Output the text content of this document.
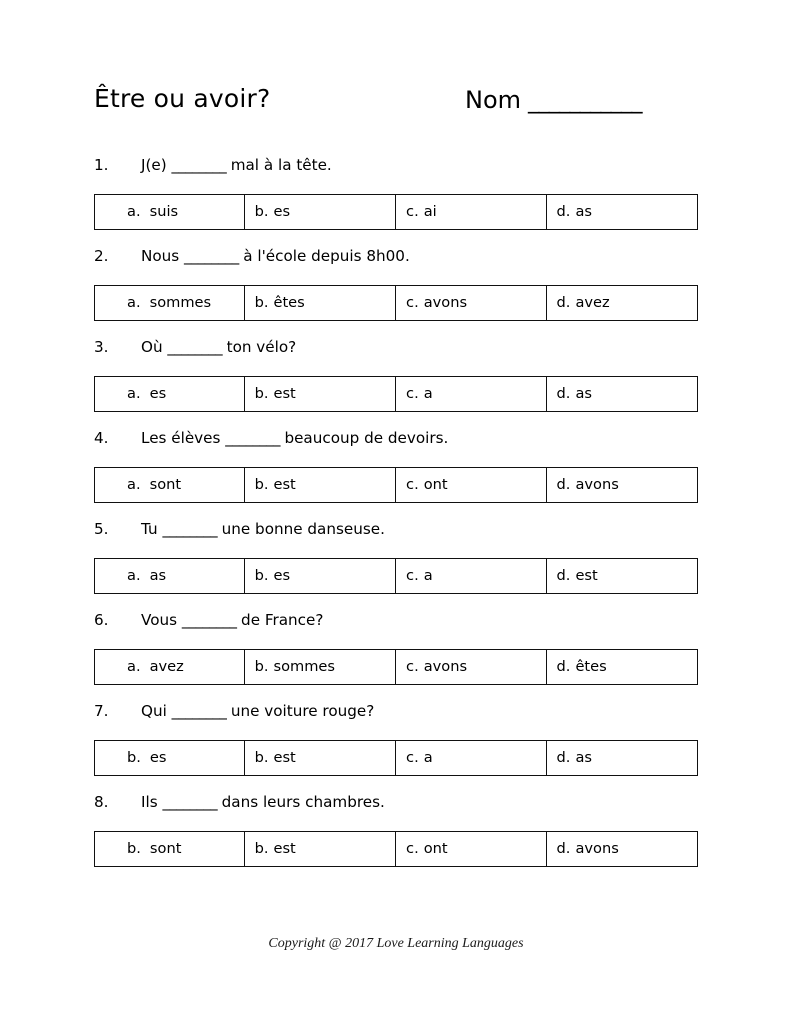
Être ou avoir?	Nom ___________
1.	J(e) ________ mal à la tête.
a. suis	b. es	c. ai	d. as
2.	Nous ________ à l'école depuis 8h00.
a. sommes	b. êtes	c. avons	d. avez
3.	Où ________ ton vélo?
a. es	b. est	c. a	d. as
4.	Les élèves ________ beaucoup de devoirs.
a. sont	b. est	c. ont	d. avons
5.	Tu ________ une bonne danseuse.
a. as	b. es	c. a	d. est
6.	Vous ________ de France?
a. avez	b. sommes	c. avons	d. êtes
7.	Qui ________ une voiture rouge?
b. es	b. est	c. a	d. as
8.	Ils ________ dans leurs chambres.
b. sont	b. est	c. ont	d. avons
Copyright @ 2017 Love Learning Languages
